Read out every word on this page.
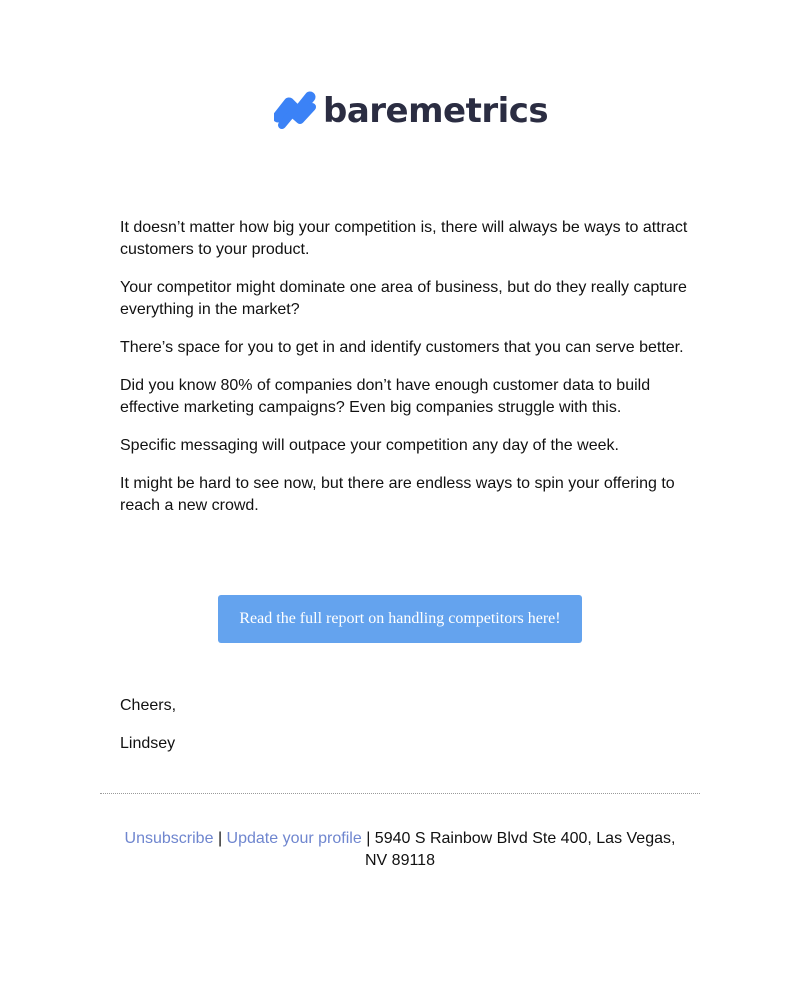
baremetrics

It doesn’t matter how big your competition is, there will always be ways to attract customers to your product.

Your competitor might dominate one area of business, but do they really capture everything in the market?

There’s space for you to get in and identify customers that you can serve better.

Did you know 80% of companies don’t have enough customer data to build effective marketing campaigns? Even big companies struggle with this.

Specific messaging will outpace your competition any day of the week.

It might be hard to see now, but there are endless ways to spin your offering to reach a new crowd.

Read the full report on handling competitors here!

Cheers,

Lindsey

Unsubscribe | Update your profile | 5940 S Rainbow Blvd Ste 400, Las Vegas, NV 89118
